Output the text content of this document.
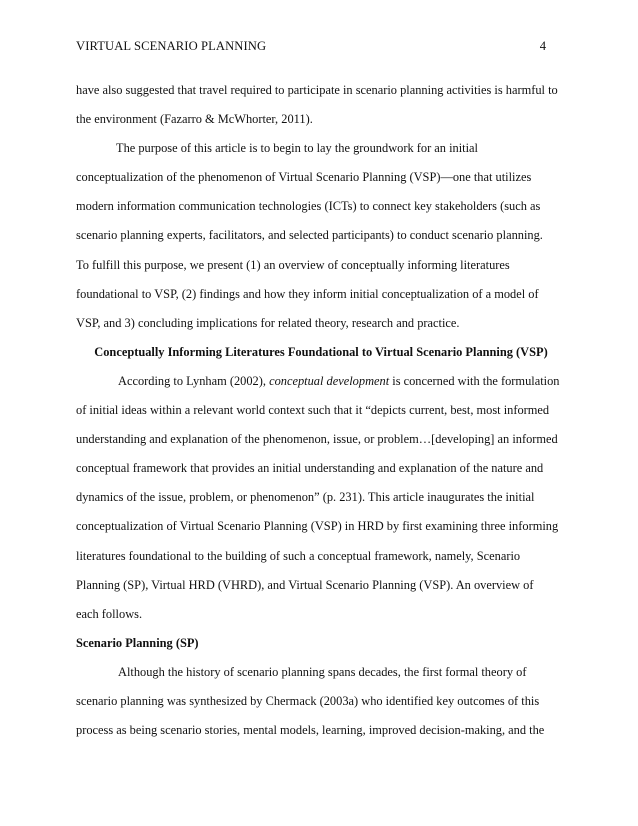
VIRTUAL SCENARIO PLANNING	4
have also suggested that travel required to participate in scenario planning activities is harmful to
the environment (Fazarro & McWhorter, 2011).
The purpose of this article is to begin to lay the groundwork for an initial
conceptualization of the phenomenon of Virtual Scenario Planning (VSP)—one that utilizes
modern information communication technologies (ICTs) to connect key stakeholders (such as
scenario planning experts, facilitators, and selected participants) to conduct scenario planning.
To fulfill this purpose, we present (1) an overview of conceptually informing literatures
foundational to VSP, (2) findings and how they inform initial conceptualization of a model of
VSP, and 3) concluding implications for related theory, research and practice.
Conceptually Informing Literatures Foundational to Virtual Scenario Planning (VSP)
According to Lynham (2002), conceptual development is concerned with the formulation
of initial ideas within a relevant world context such that it “depicts current, best, most informed
understanding and explanation of the phenomenon, issue, or problem…[developing] an informed
conceptual framework that provides an initial understanding and explanation of the nature and
dynamics of the issue, problem, or phenomenon” (p. 231). This article inaugurates the initial
conceptualization of Virtual Scenario Planning (VSP) in HRD by first examining three informing
literatures foundational to the building of such a conceptual framework, namely, Scenario
Planning (SP), Virtual HRD (VHRD), and Virtual Scenario Planning (VSP). An overview of
each follows.
Scenario Planning (SP)
Although the history of scenario planning spans decades, the first formal theory of
scenario planning was synthesized by Chermack (2003a) who identified key outcomes of this
process as being scenario stories, mental models, learning, improved decision-making, and the
